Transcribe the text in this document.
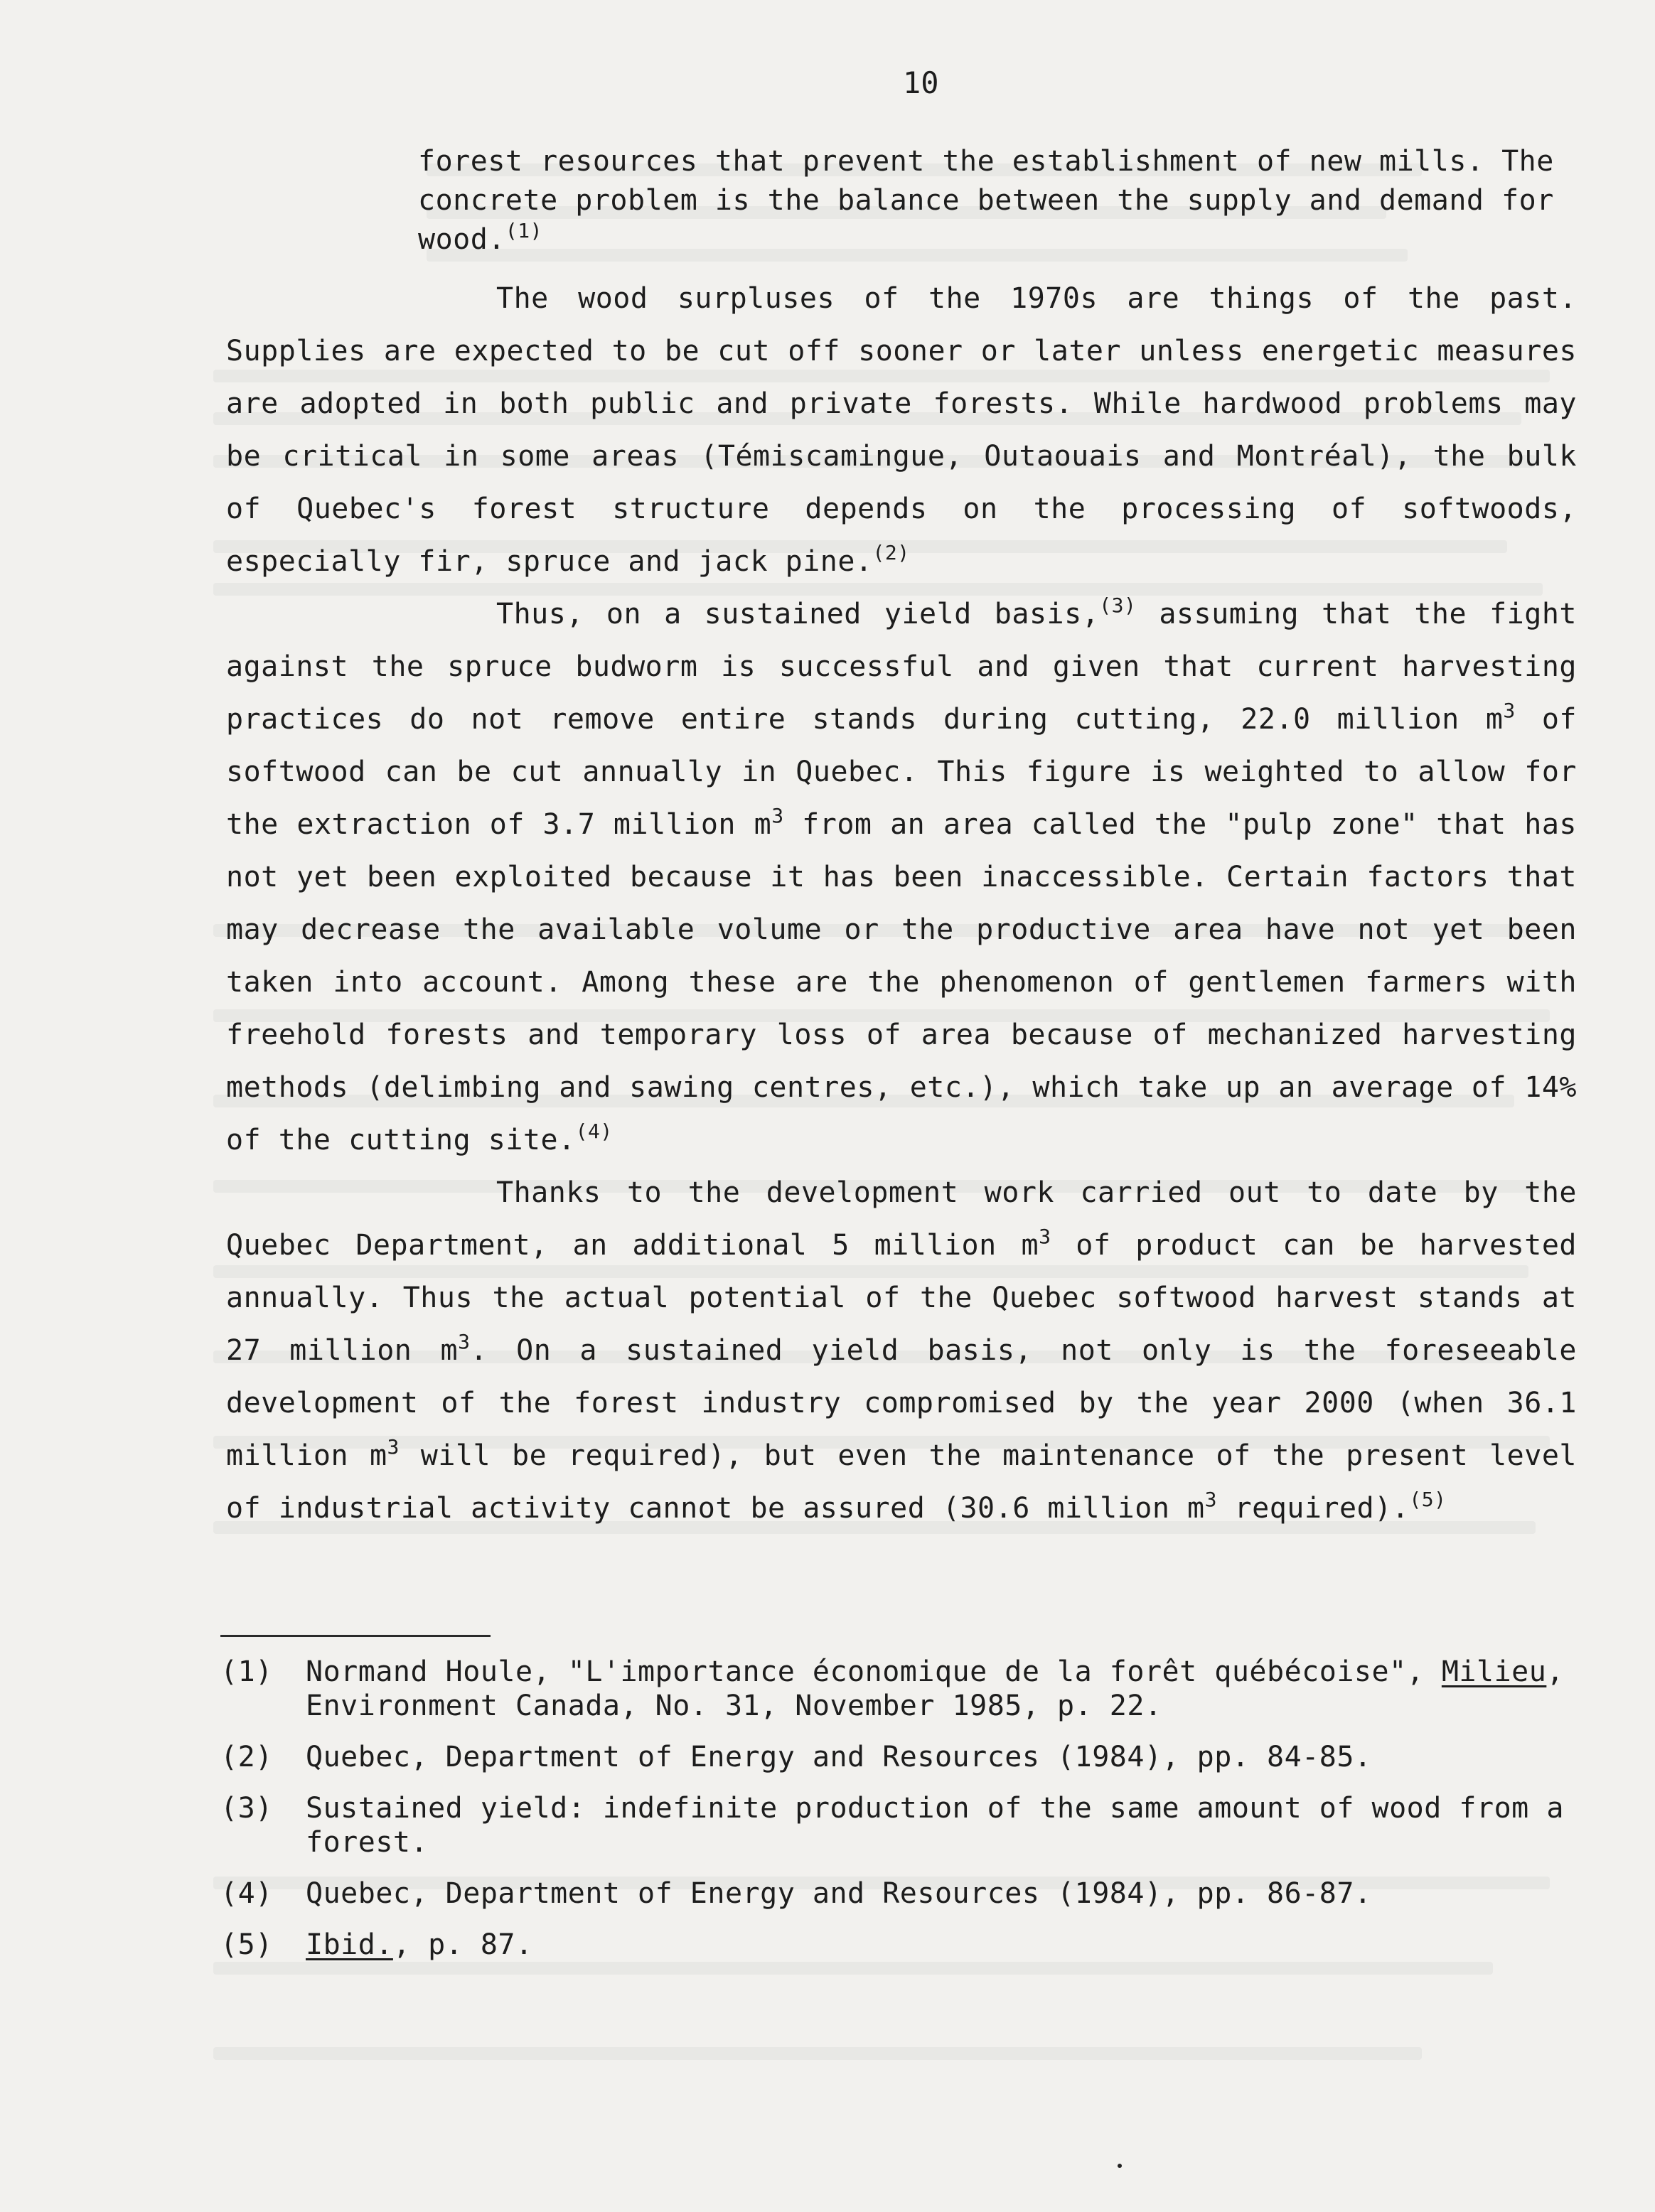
10

forest resources that prevent the establishment of new mills. The concrete problem is the balance between the supply and demand for wood.$^{(1)}$

The wood surpluses of the 1970s are things of the past. Supplies are expected to be cut off sooner or later unless energetic measures are adopted in both public and private forests. While hardwood problems may be critical in some areas (Témiscamingue, Outaouais and Montréal), the bulk of Quebec's forest structure depends on the processing of softwoods, especially fir, spruce and jack pine.$^{(2)}$

Thus, on a sustained yield basis,$^{(3)}$ assuming that the fight against the spruce budworm is successful and given that current harvesting practices do not remove entire stands during cutting, 22.0 million $m^3$ of softwood can be cut annually in Quebec. This figure is weighted to allow for the extraction of 3.7 million $m^3$ from an area called the "pulp zone" that has not yet been exploited because it has been inaccessible. Certain factors that may decrease the available volume or the productive area have not yet been taken into account. Among these are the phenomenon of gentlemen farmers with freehold forests and temporary loss of area because of mechanized harvesting methods (delimbing and sawing centres, etc.), which take up an average of 14% of the cutting site.$^{(4)}$

Thanks to the development work carried out to date by the Quebec Department, an additional 5 million $m^3$ of product can be harvested annually. Thus the actual potential of the Quebec softwood harvest stands at 27 million $m^3$. On a sustained yield basis, not only is the foreseeable development of the forest industry compromised by the year 2000 (when 36.1 million $m^3$ will be required), but even the maintenance of the present level of industrial activity cannot be assured (30.6 million $m^3$ required).$^{(5)}$

(1)	Normand Houle, "L'importance économique de la forêt québécoise", Milieu, Environment Canada, No. 31, November 1985, p. 22.
(2)	Quebec, Department of Energy and Resources (1984), pp. 84-85.
(3)	Sustained yield: indefinite production of the same amount of wood from a forest.
(4)	Quebec, Department of Energy and Resources (1984), pp. 86-87.
(5)	Ibid., p. 87.
